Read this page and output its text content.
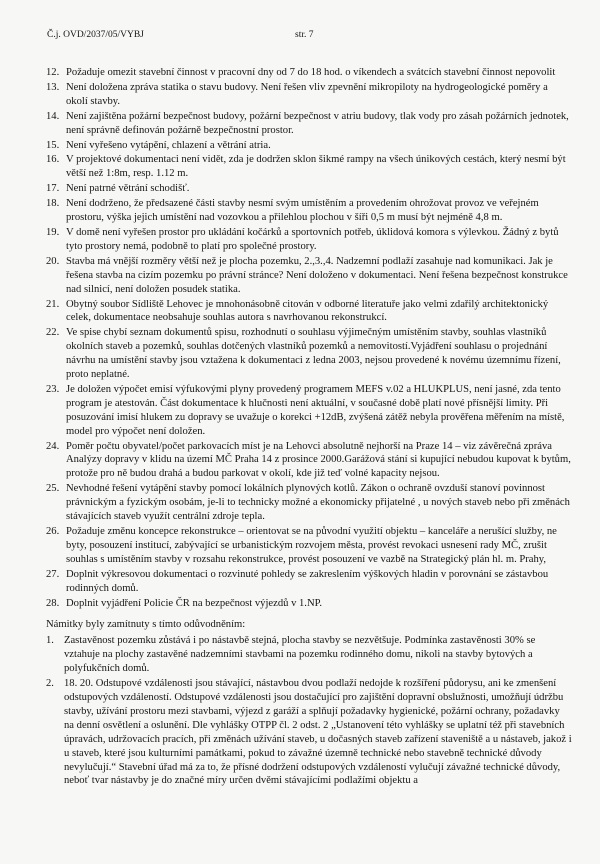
Č.j. OVD/2037/05/VYBJ	str. 7
12. Požaduje omezit stavební činnost v pracovní dny od 7 do 18 hod. o víkendech a svátcích stavební činnost nepovolit
13. Není doložena zpráva statika o stavu budovy. Není řešen vliv zpevnění mikropiloty na hydrogeologické poměry a okolí stavby.
14. Není zajištěna požární bezpečnost budovy, požární bezpečnost v atriu budovy, tlak vody pro zásah požárních jednotek, není správně definován požárně bezpečnostní prostor.
15. Není vyřešeno vytápění, chlazení a větrání atria.
16. V projektové dokumentaci není vidět, zda je dodržen sklon šikmé rampy na všech únikových cestách, který nesmí být větší než 1:8m, resp. 1.12 m.
17. Není patrné větrání schodišť.
18. Není dodrženo, že předsazené části stavby nesmí svým umístěním a provedením ohrožovat provoz ve veřejném prostoru, výška jejich umístění nad vozovkou a přilehlou plochou v šíři 0,5 m musí být nejméně 4,8 m.
19. V domě není vyřešen prostor pro ukládání kočárků a sportovních potřeb, úklidová komora s výlevkou. Žádný z bytů tyto prostory nemá, podobně to platí pro společné prostory.
20. Stavba má vnější rozměry větší než je plocha pozemku, 2.,3.,4. Nadzemní podlaží zasahuje nad komunikaci. Jak je řešena stavba na cizím pozemku po právní stránce? Není doloženo v dokumentaci. Není řešena bezpečnost konstrukce nad silnicí, není doložen posudek statika.
21. Obytný soubor Sídliště Lehovec je mnohonásobně citován v odborné literatuře jako velmi zdařilý architektonický celek, dokumentace neobsahuje souhlas autora s navrhovanou rekonstrukcí.
22. Ve spise chybí seznam dokumentů spisu, rozhodnutí o souhlasu výjimečným umístěním stavby, souhlas vlastníků okolních staveb a pozemků, souhlas dotčených vlastníků pozemků a nemovitostí.Vyjádření souhlasu o projednání návrhu na umístění stavby jsou vztažena k dokumentaci z ledna 2003, nejsou provedené k novému územnímu řízení, proto neplatné.
23. Je doložen výpočet emisí výfukovými plyny provedený programem MEFS v.02 a HLUKPLUS, není jasné, zda tento program je atestován. Část dokumentace k hlučnosti není aktuální, v současné době platí nové přísnější limity. Při posuzování imisí hlukem zu dopravy se uvažuje o korekci +12dB, zvýšená zátěž nebyla prověřena měřením na místě, model pro výpočet není doložen.
24. Poměr počtu obyvatel/počet parkovacích míst je na Lehovci absolutně nejhorší na Praze 14 – viz závěrečná zpráva Analýzy dopravy v klidu na území MČ Praha 14 z prosince 2000.Garážová stání si kupující nebudou kupovat k bytům, protože pro ně budou drahá a budou parkovat v okolí, kde již teď volné kapacity nejsou.
25. Nevhodné řešení vytápění stavby pomocí lokálních plynových kotlů. Zákon o ochraně ovzduší stanoví povinnost právnickým a fyzickým osobám, je-li to technicky možné a ekonomicky přijatelné , u nových staveb nebo při změnách stávajících staveb využít centrální zdroje tepla.
26. Požaduje změnu koncepce rekonstrukce – orientovat se na původní využití objektu – kanceláře a nerušící služby, ne byty, posouzení institucí, zabývající se urbanistickým rozvojem města, provést revokaci usnesení rady MČ, zrušit souhlas s umístěním stavby v rozsahu rekonstrukce, provést posouzení ve vazbě na Strategický plán hl. m. Prahy,
27. Doplnit výkresovou dokumentaci o rozvinuté pohledy se zakreslením výškových hladin v porovnání se zástavbou rodinných domů.
28. Doplnit vyjádření Policie ČR na bezpečnost výjezdů v 1.NP.
Námitky byly zamítnuty s tímto odůvodněním:
1. Zastavěnost pozemku zůstává i po nástavbě stejná, plocha stavby se nezvětšuje. Podmínka zastavěnosti 30% se vztahuje na plochy zastavěné nadzemními stavbami na pozemku rodinného domu, nikoli na stavby bytových a polyfukčních domů.
2. 18. 20. Odstupové vzdálenosti jsou stávající, nástavbou dvou podlaží nedojde k rozšíření půdorysu, ani ke zmenšení odstupových vzdáleností. Odstupové vzdálenosti jsou dostačující pro zajištění dopravní obslužnosti, umožňují údržbu stavby, užívání prostoru mezi stavbami, výjezd z garáží a splňují požadavky hygienické, požární ochrany, požadavky na denní osvětlení a oslunění. Dle vyhlášky OTPP čl. 2 odst. 2 „Ustanovení této vyhlášky se uplatní též při stavebních úpravách, udržovacích pracích, při změnách užívání staveb, u dočasných staveb zařízení staveniště a u nástaveb, jakož i u staveb, které jsou kulturními památkami, pokud to závažné územně technické nebo stavebně technické důvody nevylučují.“ Stavební úřad má za to, že přísné dodržení odstupových vzdáleností vylučují závažné technické důvody, neboť tvar nástavby je do značné míry určen dvěmi stávajícími podlažími objektu a
